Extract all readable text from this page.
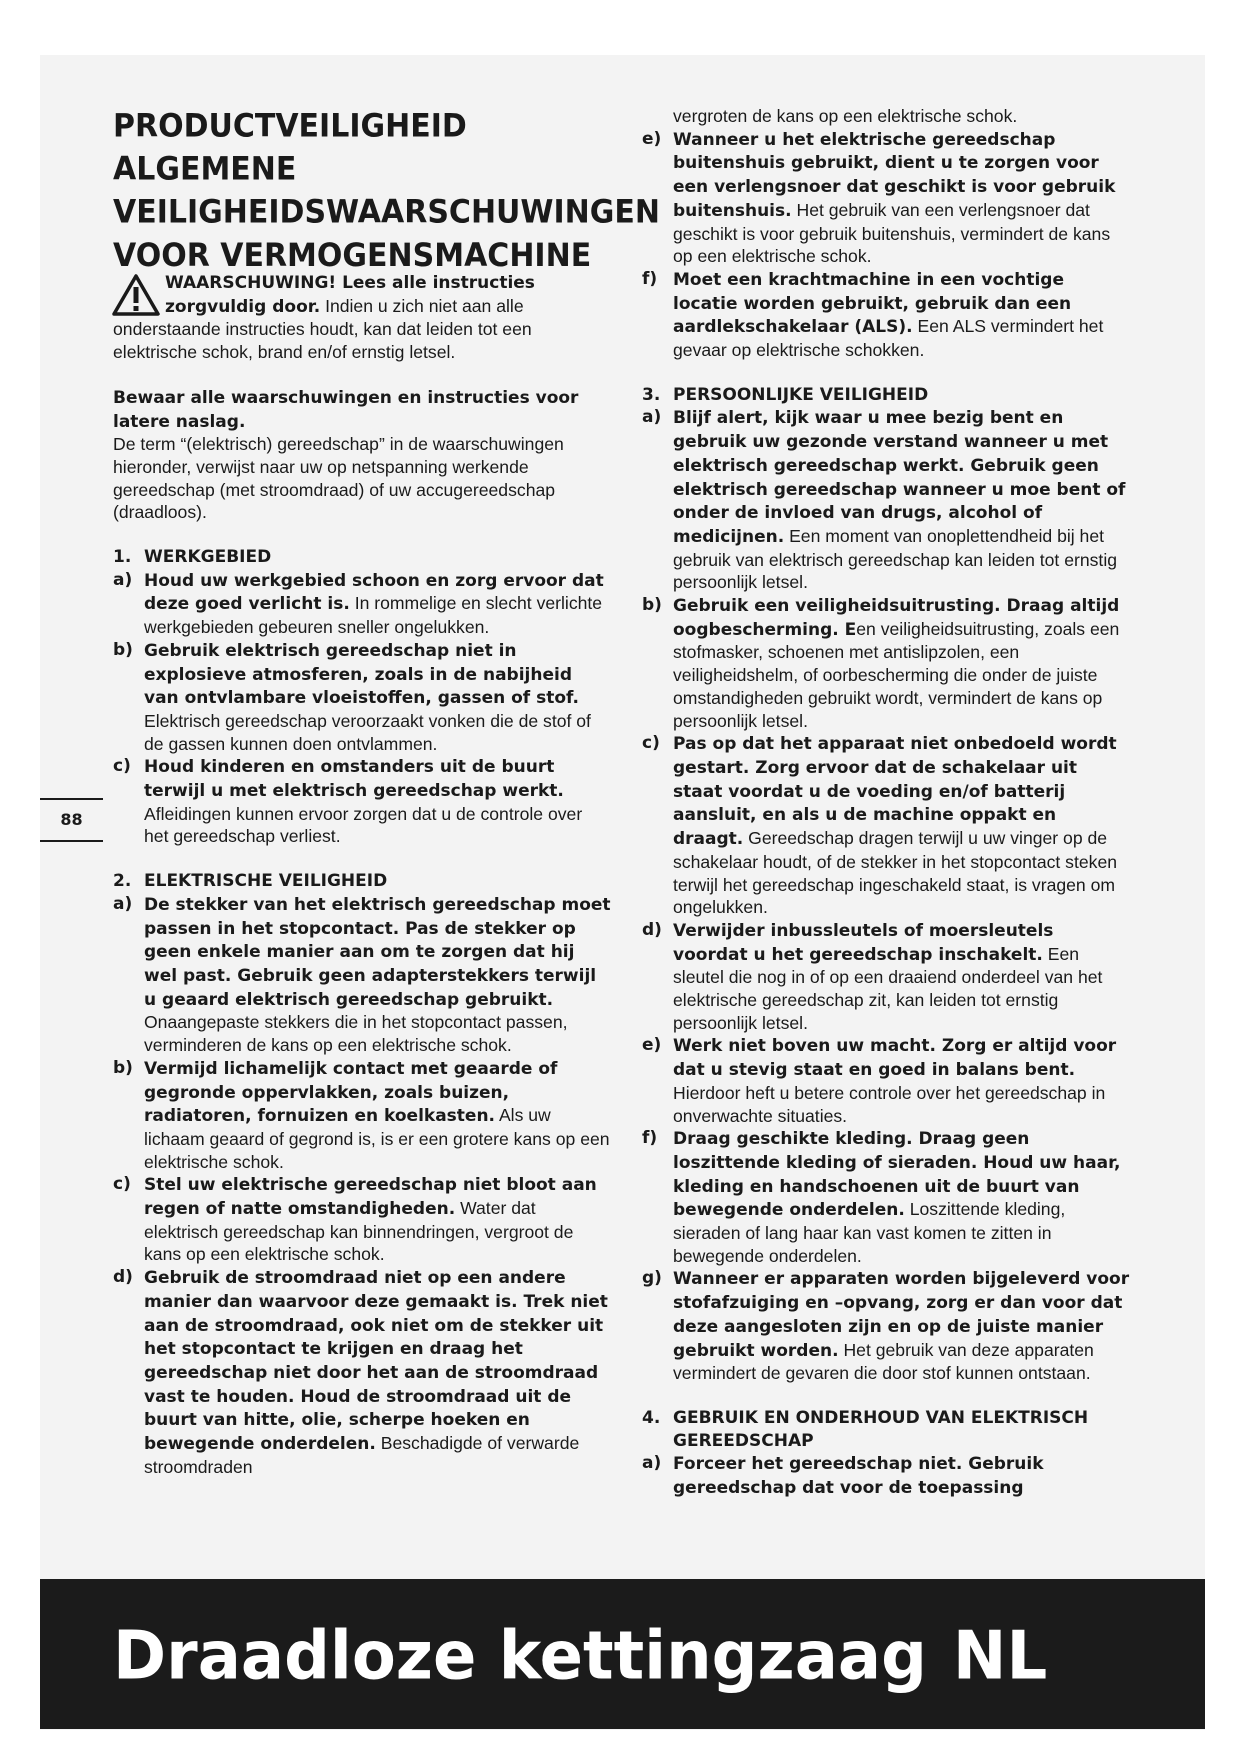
88
PRODUCTVEILIGHEID
ALGEMENE
VEILIGHEIDSWAARSCHUWINGEN
VOOR VERMOGENSMACHINE

WAARSCHUWING! Lees alle instructies zorgvuldig door. Indien u zich niet aan alle onderstaande instructies houdt, kan dat leiden tot een elektrische schok, brand en/of ernstig letsel.

Bewaar alle waarschuwingen en instructies voor latere naslag.
De term “(elektrisch) gereedschap” in de waarschuwingen hieronder, verwijst naar uw op netspanning werkende gereedschap (met stroomdraad) of uw accugereedschap (draadloos).

1. WERKGEBIED

a) Houd uw werkgebied schoon en zorg ervoor dat deze goed verlicht is. In rommelige en slecht verlichte werkgebieden gebeuren sneller ongelukken.
b) Gebruik elektrisch gereedschap niet in explosieve atmosferen, zoals in de nabijheid van ontvlambare vloeistoffen, gassen of stof. Elektrisch gereedschap veroorzaakt vonken die de stof of de gassen kunnen doen ontvlammen.
c) Houd kinderen en omstanders uit de buurt terwijl u met elektrisch gereedschap werkt. Afleidingen kunnen ervoor zorgen dat u de controle over het gereedschap verliest.

2. ELEKTRISCHE VEILIGHEID

a) De stekker van het elektrisch gereedschap moet passen in het stopcontact. Pas de stekker op geen enkele manier aan om te zorgen dat hij wel past. Gebruik geen adapterstekkers terwijl u geaard elektrisch gereedschap gebruikt. Onaangepaste stekkers die in het stopcontact passen, verminderen de kans op een elektrische schok.
b) Vermijd lichamelijk contact met geaarde of gegronde oppervlakken, zoals buizen, radiatoren, fornuizen en koelkasten. Als uw lichaam geaard of gegrond is, is er een grotere kans op een elektrische schok.
c) Stel uw elektrische gereedschap niet bloot aan regen of natte omstandigheden. Water dat elektrisch gereedschap kan binnendringen, vergroot de kans op een elektrische schok.
d) Gebruik de stroomdraad niet op een andere manier dan waarvoor deze gemaakt is. Trek niet aan de stroomdraad, ook niet om de stekker uit het stopcontact te krijgen en draag het gereedschap niet door het aan de stroomdraad vast te houden. Houd de stroomdraad uit de buurt van hitte, olie, scherpe hoeken en bewegende onderdelen. Beschadigde of verwarde stroomdraden
vergroten de kans op een elektrische schok.
e) Wanneer u het elektrische gereedschap buitenshuis gebruikt, dient u te zorgen voor een verlengsnoer dat geschikt is voor gebruik buitenshuis. Het gebruik van een verlengsnoer dat geschikt is voor gebruik buitenshuis, vermindert de kans op een elektrische schok.
f) Moet een krachtmachine in een vochtige locatie worden gebruikt, gebruik dan een aardlekschakelaar (ALS). Een ALS vermindert het gevaar op elektrische schokken.

3. PERSOONLIJKE VEILIGHEID

a) Blijf alert, kijk waar u mee bezig bent en gebruik uw gezonde verstand wanneer u met elektrisch gereedschap werkt. Gebruik geen elektrisch gereedschap wanneer u moe bent of onder de invloed van drugs, alcohol of medicijnen. Een moment van onoplettendheid bij het gebruik van elektrisch gereedschap kan leiden tot ernstig persoonlijk letsel.
b) Gebruik een veiligheidsuitrusting. Draag altijd oogbescherming. Een veiligheidsuitrusting, zoals een stofmasker, schoenen met antislipzolen, een veiligheidshelm, of oorbescherming die onder de juiste omstandigheden gebruikt wordt, vermindert de kans op persoonlijk letsel.
c) Pas op dat het apparaat niet onbedoeld wordt gestart. Zorg ervoor dat de schakelaar uit staat voordat u de voeding en/of batterij aansluit, en als u de machine oppakt en draagt. Gereedschap dragen terwijl u uw vinger op de schakelaar houdt, of de stekker in het stopcontact steken terwijl het gereedschap ingeschakeld staat, is vragen om ongelukken.
d) Verwijder inbussleutels of moersleutels voordat u het gereedschap inschakelt. Een sleutel die nog in of op een draaiend onderdeel van het elektrische gereedschap zit, kan leiden tot ernstig persoonlijk letsel.
e) Werk niet boven uw macht. Zorg er altijd voor dat u stevig staat en goed in balans bent. Hierdoor heft u betere controle over het gereedschap in onverwachte situaties.
f) Draag geschikte kleding. Draag geen loszittende kleding of sieraden. Houd uw haar, kleding en handschoenen uit de buurt van bewegende onderdelen. Loszittende kleding, sieraden of lang haar kan vast komen te zitten in bewegende onderdelen.
g) Wanneer er apparaten worden bijgeleverd voor stofafzuiging en –opvang, zorg er dan voor dat deze aangesloten zijn en op de juiste manier gebruikt worden. Het gebruik van deze apparaten vermindert de gevaren die door stof kunnen ontstaan.
4. GEBRUIK EN ONDERHOUD VAN ELEKTRISCH GEREEDSCHAP
a) Forceer het gereedschap niet. Gebruik gereedschap dat voor de toepassing
Draadloze kettingzaag NL
